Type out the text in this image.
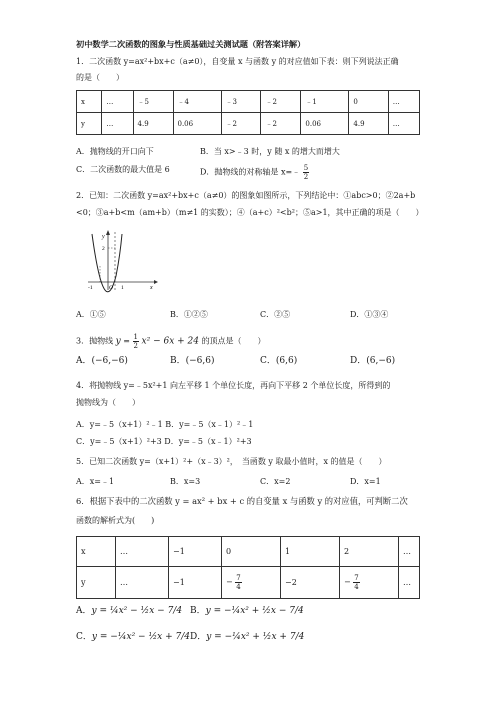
初中数学二次函数的图象与性质基础过关测试题（附答案详解）
1．二次函数 y=ax²+bx+c（a≠0），自变量 x 与函数 y 的对应值如下表：则下列说法正确
的是（　　）
x	…	﹣5	﹣4	﹣3	﹣2	﹣1	0	…
y	…	4.9	0.06	﹣2	﹣2	0.06	4.9	…
A．抛物线的开口向下	B．当 x>﹣3 时，y 随 x 的增大而增大
C．二次函数的最大值是 6	D．抛物线的对称轴是 x=﹣ $\frac{5}{2}$
2．已知：二次函数 y=ax²+bx+c（a≠0）的图象如图所示，下列结论中：①abc>0；②2a+b
<0；③a+b<m（am+b）（m≠1 的实数）；④（a+c）²<b²；⑤a>1，其中正确的项是（　　）
y
x
2
-1	O 1
A．①⑤	B．①②⑤	C．②⑤	D．①③④
3．抛物线 $y = \frac{1}{2} x^2 - 6x + 24$ 的顶点是（　　）
A．(−6,−6)	B．(−6,6)	C．(6,6)	D．(6,−6)
4．将抛物线 y=﹣5x²+1 向左平移 1 个单位长度，再向下平移 2 个单位长度，所得到的
抛物线为（　　）
A．y=﹣5（x+1）²﹣1 B．y=﹣5（x﹣1）²﹣1
C．y=﹣5（x+1）²+3 D．y=﹣5（x﹣1）²+3
5．已知二次函数 y=（x+1）²+（x﹣3）²，　当函数 y 取最小值时，x 的值是（　　）
A．x=﹣1	B．x=3	C．x=2	D．x=1
6．根据下表中的二次函数 y = ax² + bx + c 的自变量 x 与函数 y 的对应值，可判断二次
函数的解析式为(　　)
x	…	−1	0	1	2	…
y	…	−1	− $\frac{7}{4}$	−2	− $\frac{7}{4}$	…
A．y = ¼x² − ½x − 7/4 B．y = −¼x² + ½x − 7/4
C．y = −¼x² − ½x + 7/4 D．y = −¼x² + ½x + 7/4
